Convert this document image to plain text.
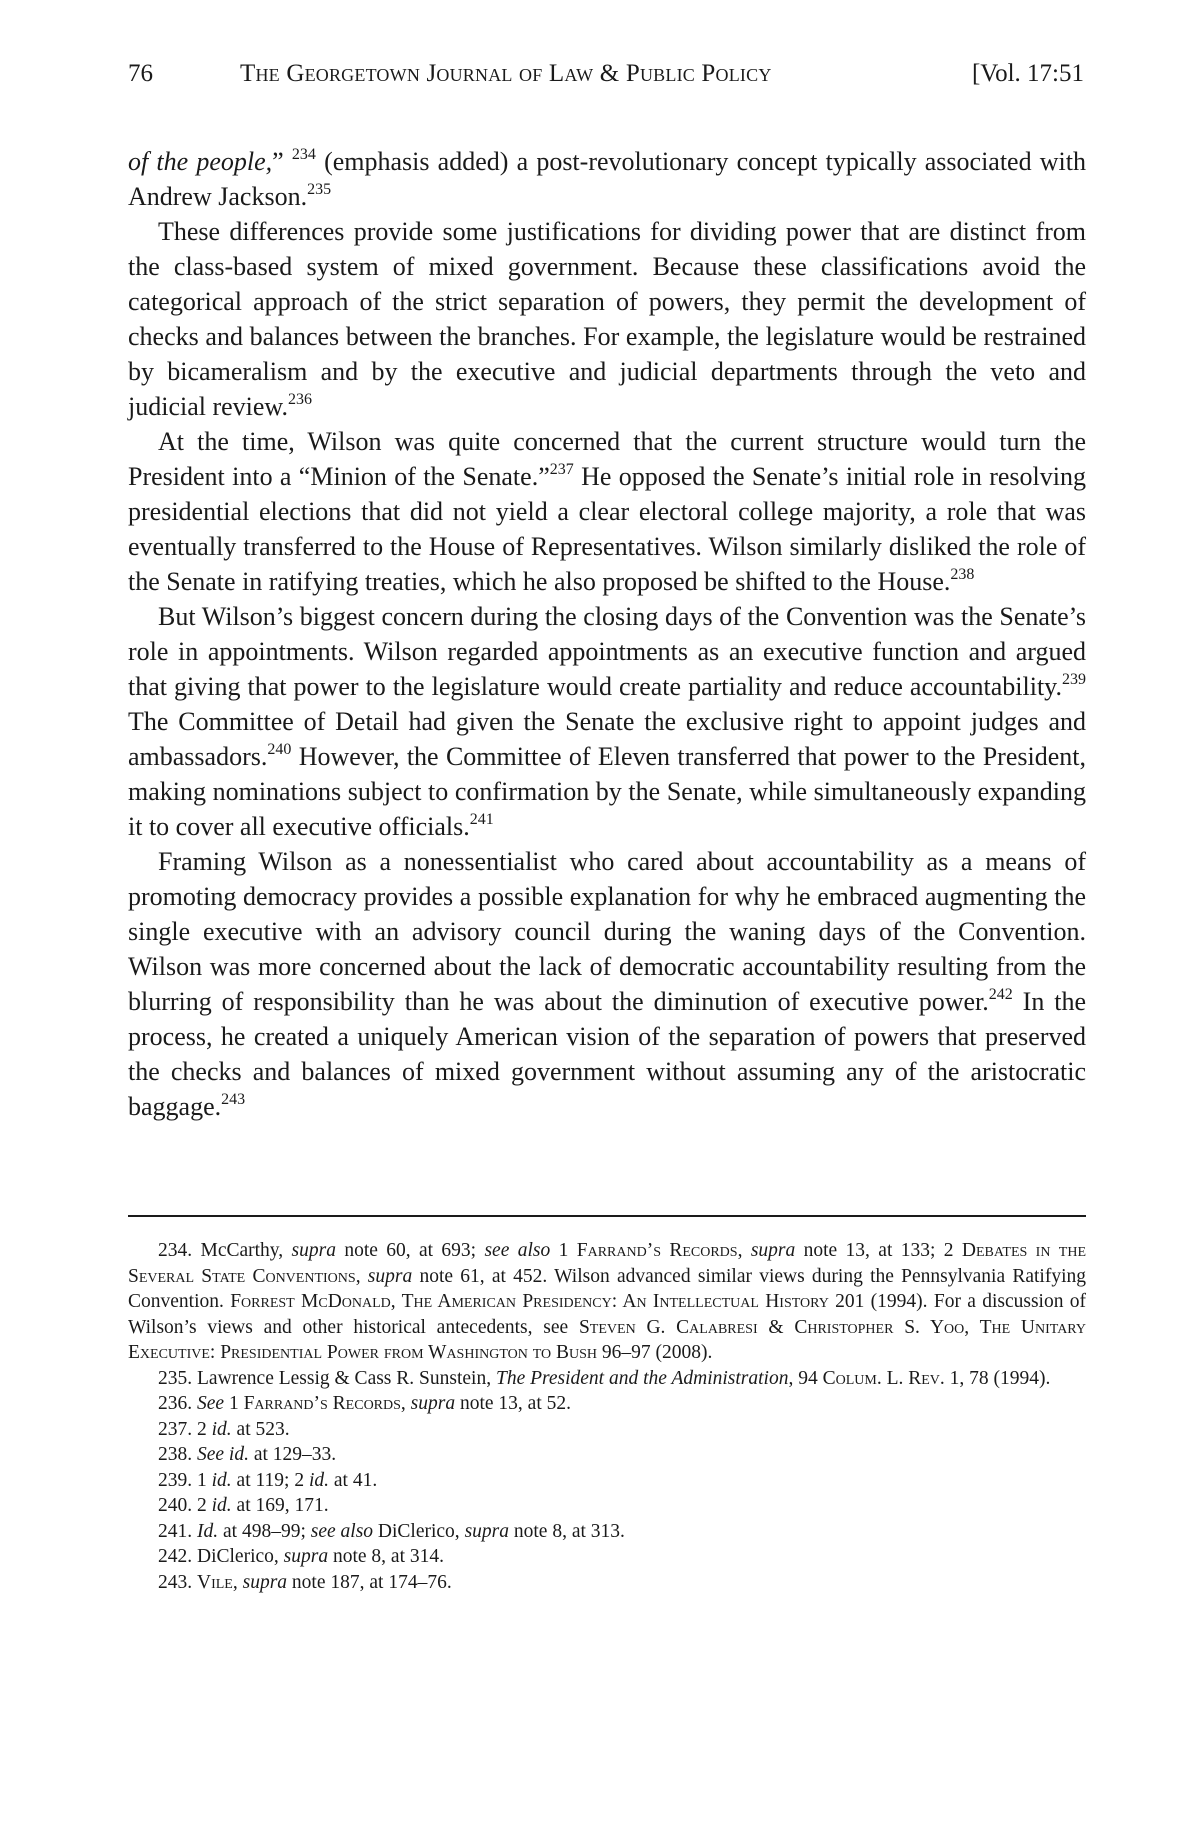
76	The Georgetown Journal of Law & Public Policy	[Vol. 17:51

of the people,” $^{234}$ (emphasis added) a post-revolutionary concept typically associated with Andrew Jackson.$^{235}$

These differences provide some justifications for dividing power that are distinct from the class-based system of mixed government. Because these classifications avoid the categorical approach of the strict separation of powers, they permit the development of checks and balances between the branches. For example, the legislature would be restrained by bicameralism and by the executive and judicial departments through the veto and judicial review.$^{236}$

At the time, Wilson was quite concerned that the current structure would turn the President into a “Minion of the Senate.”$^{237}$ He opposed the Senate’s initial role in resolving presidential elections that did not yield a clear electoral college majority, a role that was eventually transferred to the House of Representatives. Wilson similarly disliked the role of the Senate in ratifying treaties, which he also proposed be shifted to the House.$^{238}$

But Wilson’s biggest concern during the closing days of the Convention was the Senate’s role in appointments. Wilson regarded appointments as an executive function and argued that giving that power to the legislature would create partiality and reduce accountability.$^{239}$ The Committee of Detail had given the Senate the exclusive right to appoint judges and ambassadors.$^{240}$ However, the Committee of Eleven transferred that power to the President, making nominations subject to confirmation by the Senate, while simultaneously expanding it to cover all executive officials.$^{241}$

Framing Wilson as a nonessentialist who cared about accountability as a means of promoting democracy provides a possible explanation for why he embraced augmenting the single executive with an advisory council during the waning days of the Convention. Wilson was more concerned about the lack of democratic accountability resulting from the blurring of responsibility than he was about the diminution of executive power.$^{242}$ In the process, he created a uniquely American vision of the separation of powers that preserved the checks and balances of mixed government without assuming any of the aristocratic baggage.$^{243}$

234. McCarthy, supra note 60, at 693; see also 1 Farrand’s Records, supra note 13, at 133; 2 Debates in the Several State Conventions, supra note 61, at 452. Wilson advanced similar views during the Pennsylvania Ratifying Convention. Forrest McDonald, The American Presidency: An Intellectual History 201 (1994). For a discussion of Wilson’s views and other historical antecedents, see Steven G. Calabresi & Christopher S. Yoo, The Unitary Executive: Presidential Power from Washington to Bush 96–97 (2008).

235. Lawrence Lessig & Cass R. Sunstein, The President and the Administration, 94 Colum. L. Rev. 1, 78 (1994).

236. See 1 Farrand’s Records, supra note 13, at 52.

237. 2 id. at 523.

238. See id. at 129–33.

239. 1 id. at 119; 2 id. at 41.

240. 2 id. at 169, 171.

241. Id. at 498–99; see also DiClerico, supra note 8, at 313.

242. DiClerico, supra note 8, at 314.

243. Vile, supra note 187, at 174–76.
